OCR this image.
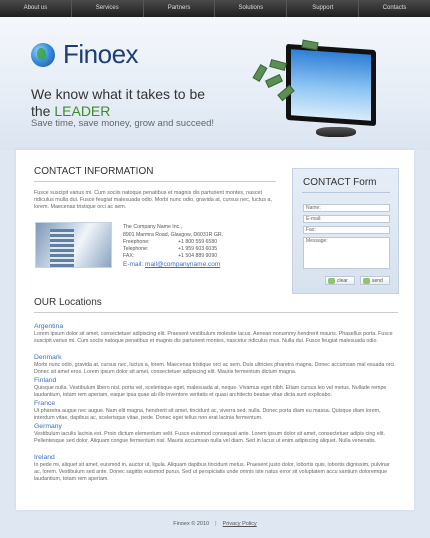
About us	Services	Partners	Solutions	Support	Contacts
Finoex
We know what it takes to be
the LEADER
Save time, save money, grow and succeed!
CONTACT INFORMATION
Fusce suscipit varius mi. Cum sociis natoque penatibus et magnis dis parturient montes, nascet ridiculus mulla dui. Fusce feugiat malesuada odio. Morbi nunc odio, gravida at, cursus nec, luctus a, lorem. Maecenas tristique orci ac sem.
The Company Name Inc.,
8901 Marmra Road, Glasgow, D6031R GR.
Freephone:	+1 800 559 6580
Telephone:	+1 959 603 6035
FAX:	+1 504 889 9090
E-mail: mail@companyname.com
CONTACT Form
Name:
E-mail:
Fax:
Message:
clear	send
OUR Locations
Argentina
Lorem ipsum dolor sit amet, consectetuer adipiscing elit. Praesent vestibulum molestie lacus. Aenean nonummy hendrerit mauris. Phasellus porta. Fusce suscipit varius mi. Cum sociis natoque penatibus et magnis dis parturient montes, nascetur ridiculus mus. Nulla dui. Fusce feugiat malesuada odio.
Denmark
Morbi nunc odio, gravida at, cursus nec, luctus a, lorem. Maecenas tristique orci ac sem. Duis ultricies pharetra magna. Donec accumsan mal esuada orci. Donec sit amet eros. Lorem ipsum dolor sit amet, consectetuer adipiscing elit. Mauris fermentum dictum magna.
Finland
Quisque nulla. Vestibulum libero nisl, porta vel, scelerisque eget, malesuada at, neque. Vivamus eget nibh. Etiam cursus leo vel metus. Nullade rempe laudantium, totam rem aperiam, eaque ipsa quae ab illo inventore veritatis et quasi architecto beatae vitae dicta sunt explicabo.
France
Ut pharetra augue nec augue. Nam elit magna, hendrerit sit amet, tincidunt ac, viverra sed, nulla. Donec porta diam eu massa. Quisque diam lorem, interdum vitae, dapibus ac, scelerisque vitae, pede. Donec eget tellus non erat lacinia fermentum.
Germany
Vestibulum iaculis lacinia est. Proin dictum elementum velit. Fusce euismod consequat ante. Lorem ipsum dolor sit amet, consectetuer adipis cing elit. Pellentesque sed dolor. Aliquam congue fermentum nisl. Mauris accumsan nulla vel diam. Sed in lacus ut enim adipiscing aliquet. Nulla venenatis.
Ireland
In pede mi, aliquet sit amet, euismod in, auctor ut, ligula. Aliquam dapibus tincidunt metus. Praesent justo dolor, lobortis quis, lobortis dignissim, pulvinar ac, lorem. Vestibulum sed ante. Donec sagittis euismod purus. Sed ut perspiciatis unde omnis iste natus error sit voluptatem accu santium doloremque laudantium, totam rem aperiam.
Finoex © 2010 | Privacy Policy
